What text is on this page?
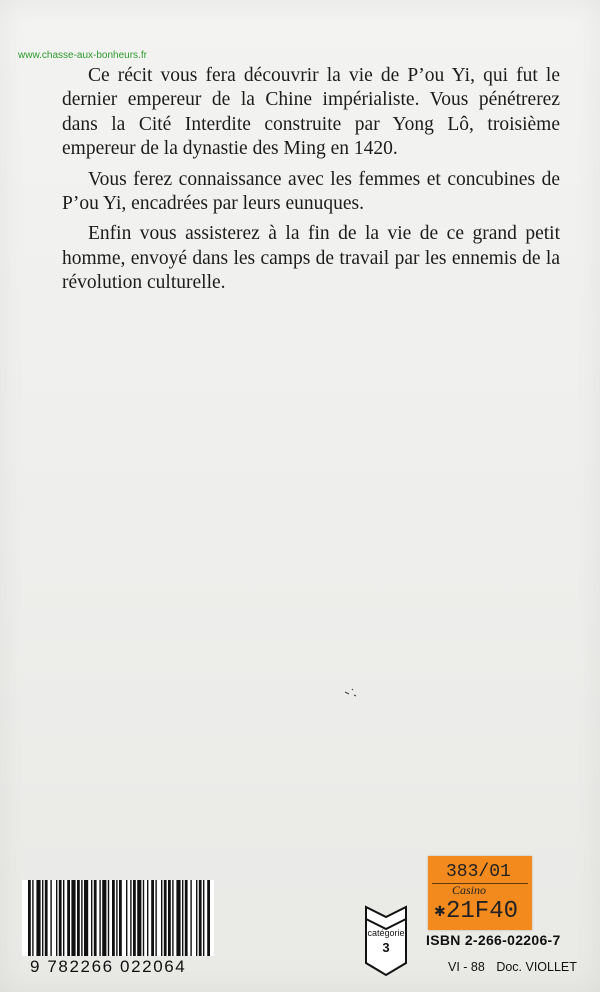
www.chasse-aux-bonheurs.fr

Ce récit vous fera découvrir la vie de P’ou Yi, qui fut le dernier empereur de la Chine impérialiste. Vous pénétrerez dans la Cité Interdite construite par Yong Lô, troisième empereur de la dynastie des Ming en 1420.

Vous ferez connaissance avec les femmes et concubines de P’ou Yi, encadrées par leurs eunuques.

Enfin vous assisterez à la fin de la vie de ce grand petit homme, envoyé dans les camps de travail par les ennemis de la révolution culturelle.

9 782266 022064
catégorie
3	ISBN 2-266-02206-7
VI - 88 Doc. VIOLLET
383/01
Casino
✱ 21F40
